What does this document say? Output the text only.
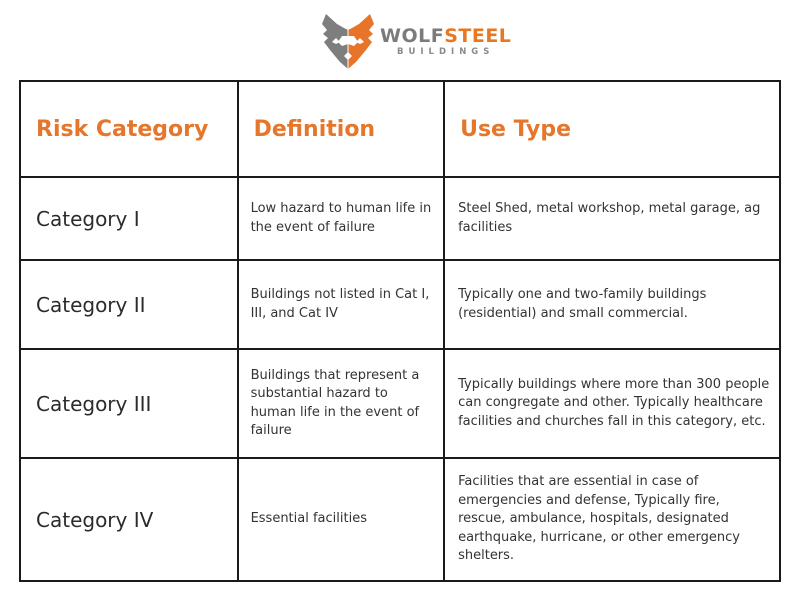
WOLFSTEEL
BUILDINGS
Risk Category	Definition	Use Type
Category I	Low hazard to human life in the event of failure	Steel Shed, metal workshop, metal garage, ag facilities
Category II	Buildings not listed in Cat I, III, and Cat IV	Typically one and two-family buildings (residential) and small commercial.
Category III	Buildings that represent a substantial hazard to human life in the event of failure	Typically buildings where more than 300 people can congregate and other. Typically healthcare facilities and churches fall in this category, etc.
Category IV	Essential facilities	Facilities that are essential in case of emergencies and defense, Typically fire, rescue, ambulance, hospitals, designated earthquake, hurricane, or other emergency shelters.
